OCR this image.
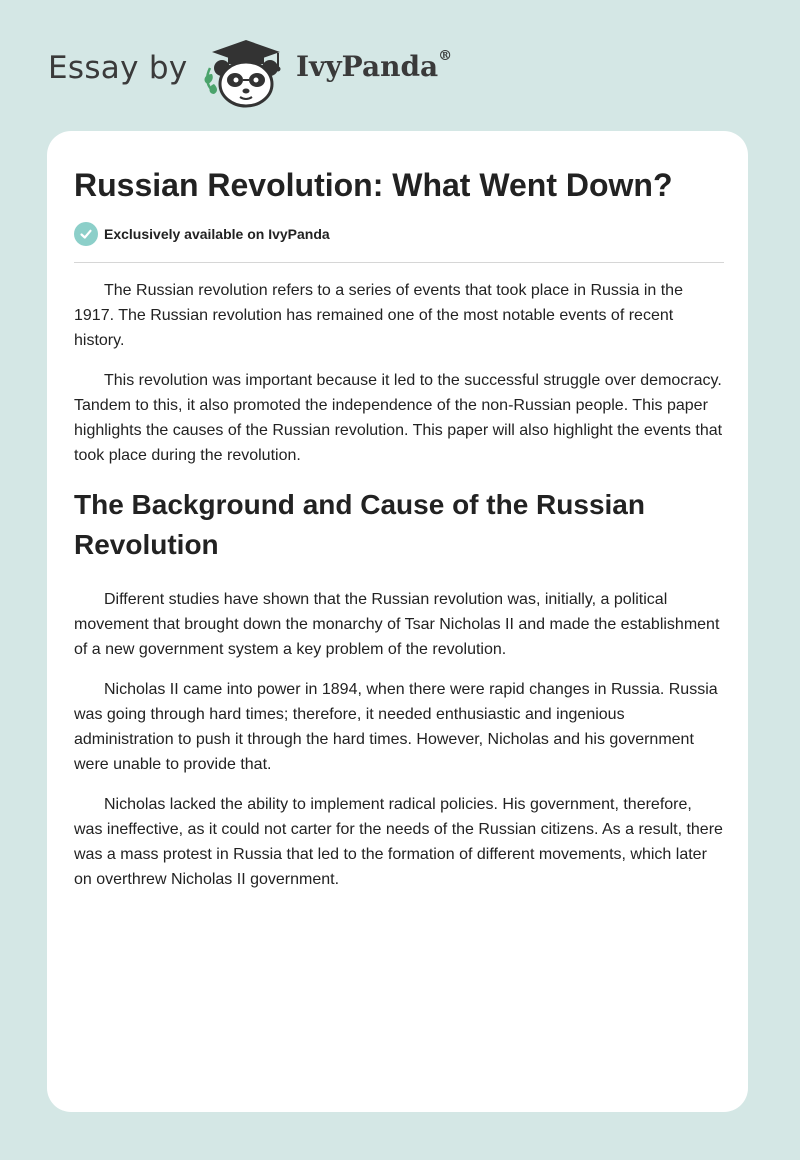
Essay by	IvyPanda®
Russian Revolution: What Went Down?
Exclusively available on IvyPanda

The Russian revolution refers to a series of events that took place in Russia in the 1917. The Russian revolution has remained one of the most notable events of recent history.

This revolution was important because it led to the successful struggle over democracy. Tandem to this, it also promoted the independence of the non-Russian people. This paper highlights the causes of the Russian revolution. This paper will also highlight the events that took place during the revolution.

The Background and Cause of the Russian Revolution

Different studies have shown that the Russian revolution was, initially, a political movement that brought down the monarchy of Tsar Nicholas II and made the establishment of a new government system a key problem of the revolution.

Nicholas II came into power in 1894, when there were rapid changes in Russia. Russia was going through hard times; therefore, it needed enthusiastic and ingenious administration to push it through the hard times. However, Nicholas and his government were unable to provide that.

Nicholas lacked the ability to implement radical policies. His government, therefore, was ineffective, as it could not carter for the needs of the Russian citizens. As a result, there was a mass protest in Russia that led to the formation of different movements, which later on overthrew Nicholas II government.
